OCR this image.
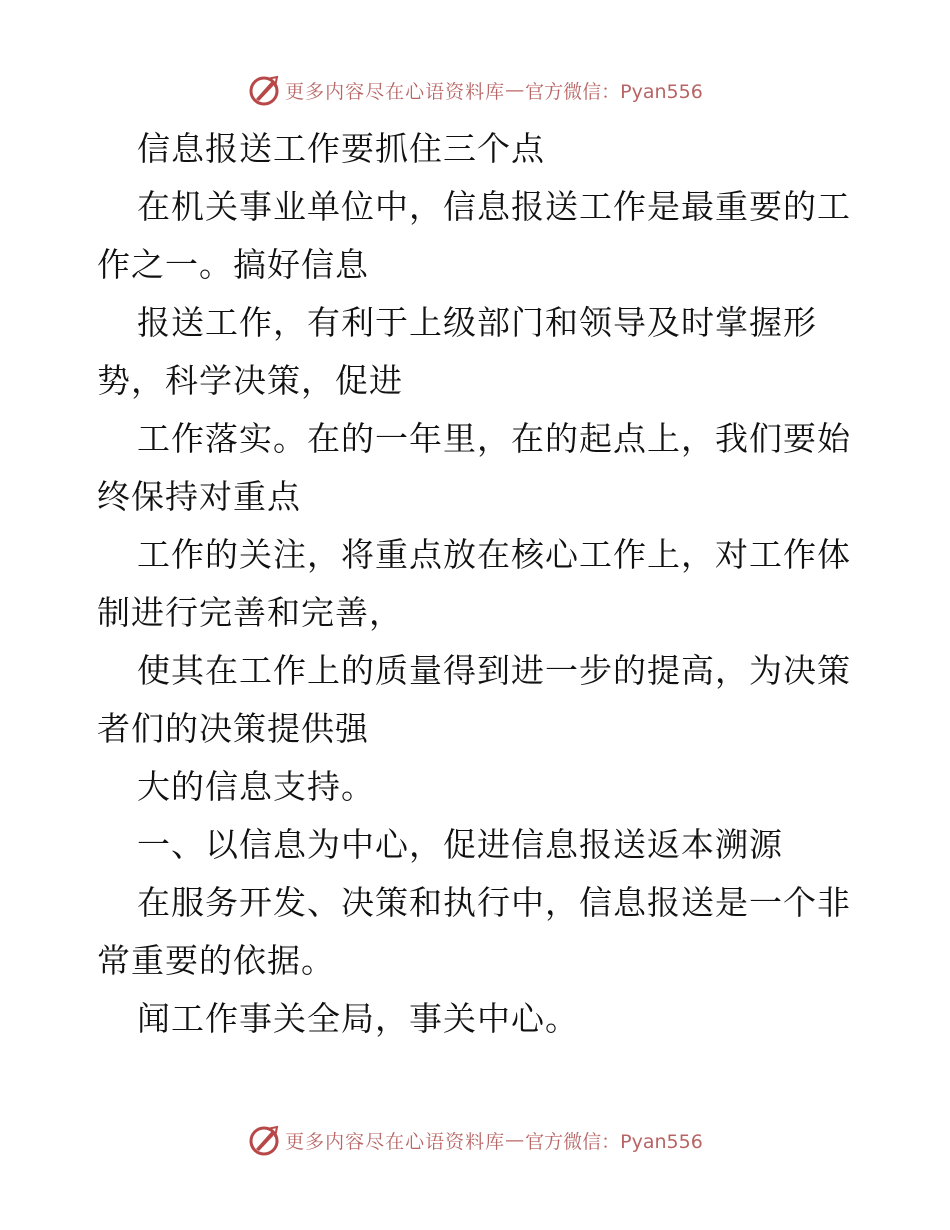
更多内容尽在心语资料库 — 官方微信：Pyan556
信息报送工作要抓住三个点
在机关事业单位中，信息报送工作是最重要的工
作之一。搞好信息
报送工作，有利于上级部门和领导及时掌握形
势，科学决策，促进
工作落实。在的一年里，在的起点上，我们要始
终保持对重点
工作的关注，将重点放在核心工作上，对工作体
制进行完善和完善，
使其在工作上的质量得到进一步的提高，为决策
者们的决策提供强
大的信息支持。
一、以信息为中心，促进信息报送返本溯源
在服务开发、决策和执行中，信息报送是一个非
常重要的依据。
闻工作事关全局，事关中心。
更多内容尽在心语资料库 — 官方微信：Pyan556
